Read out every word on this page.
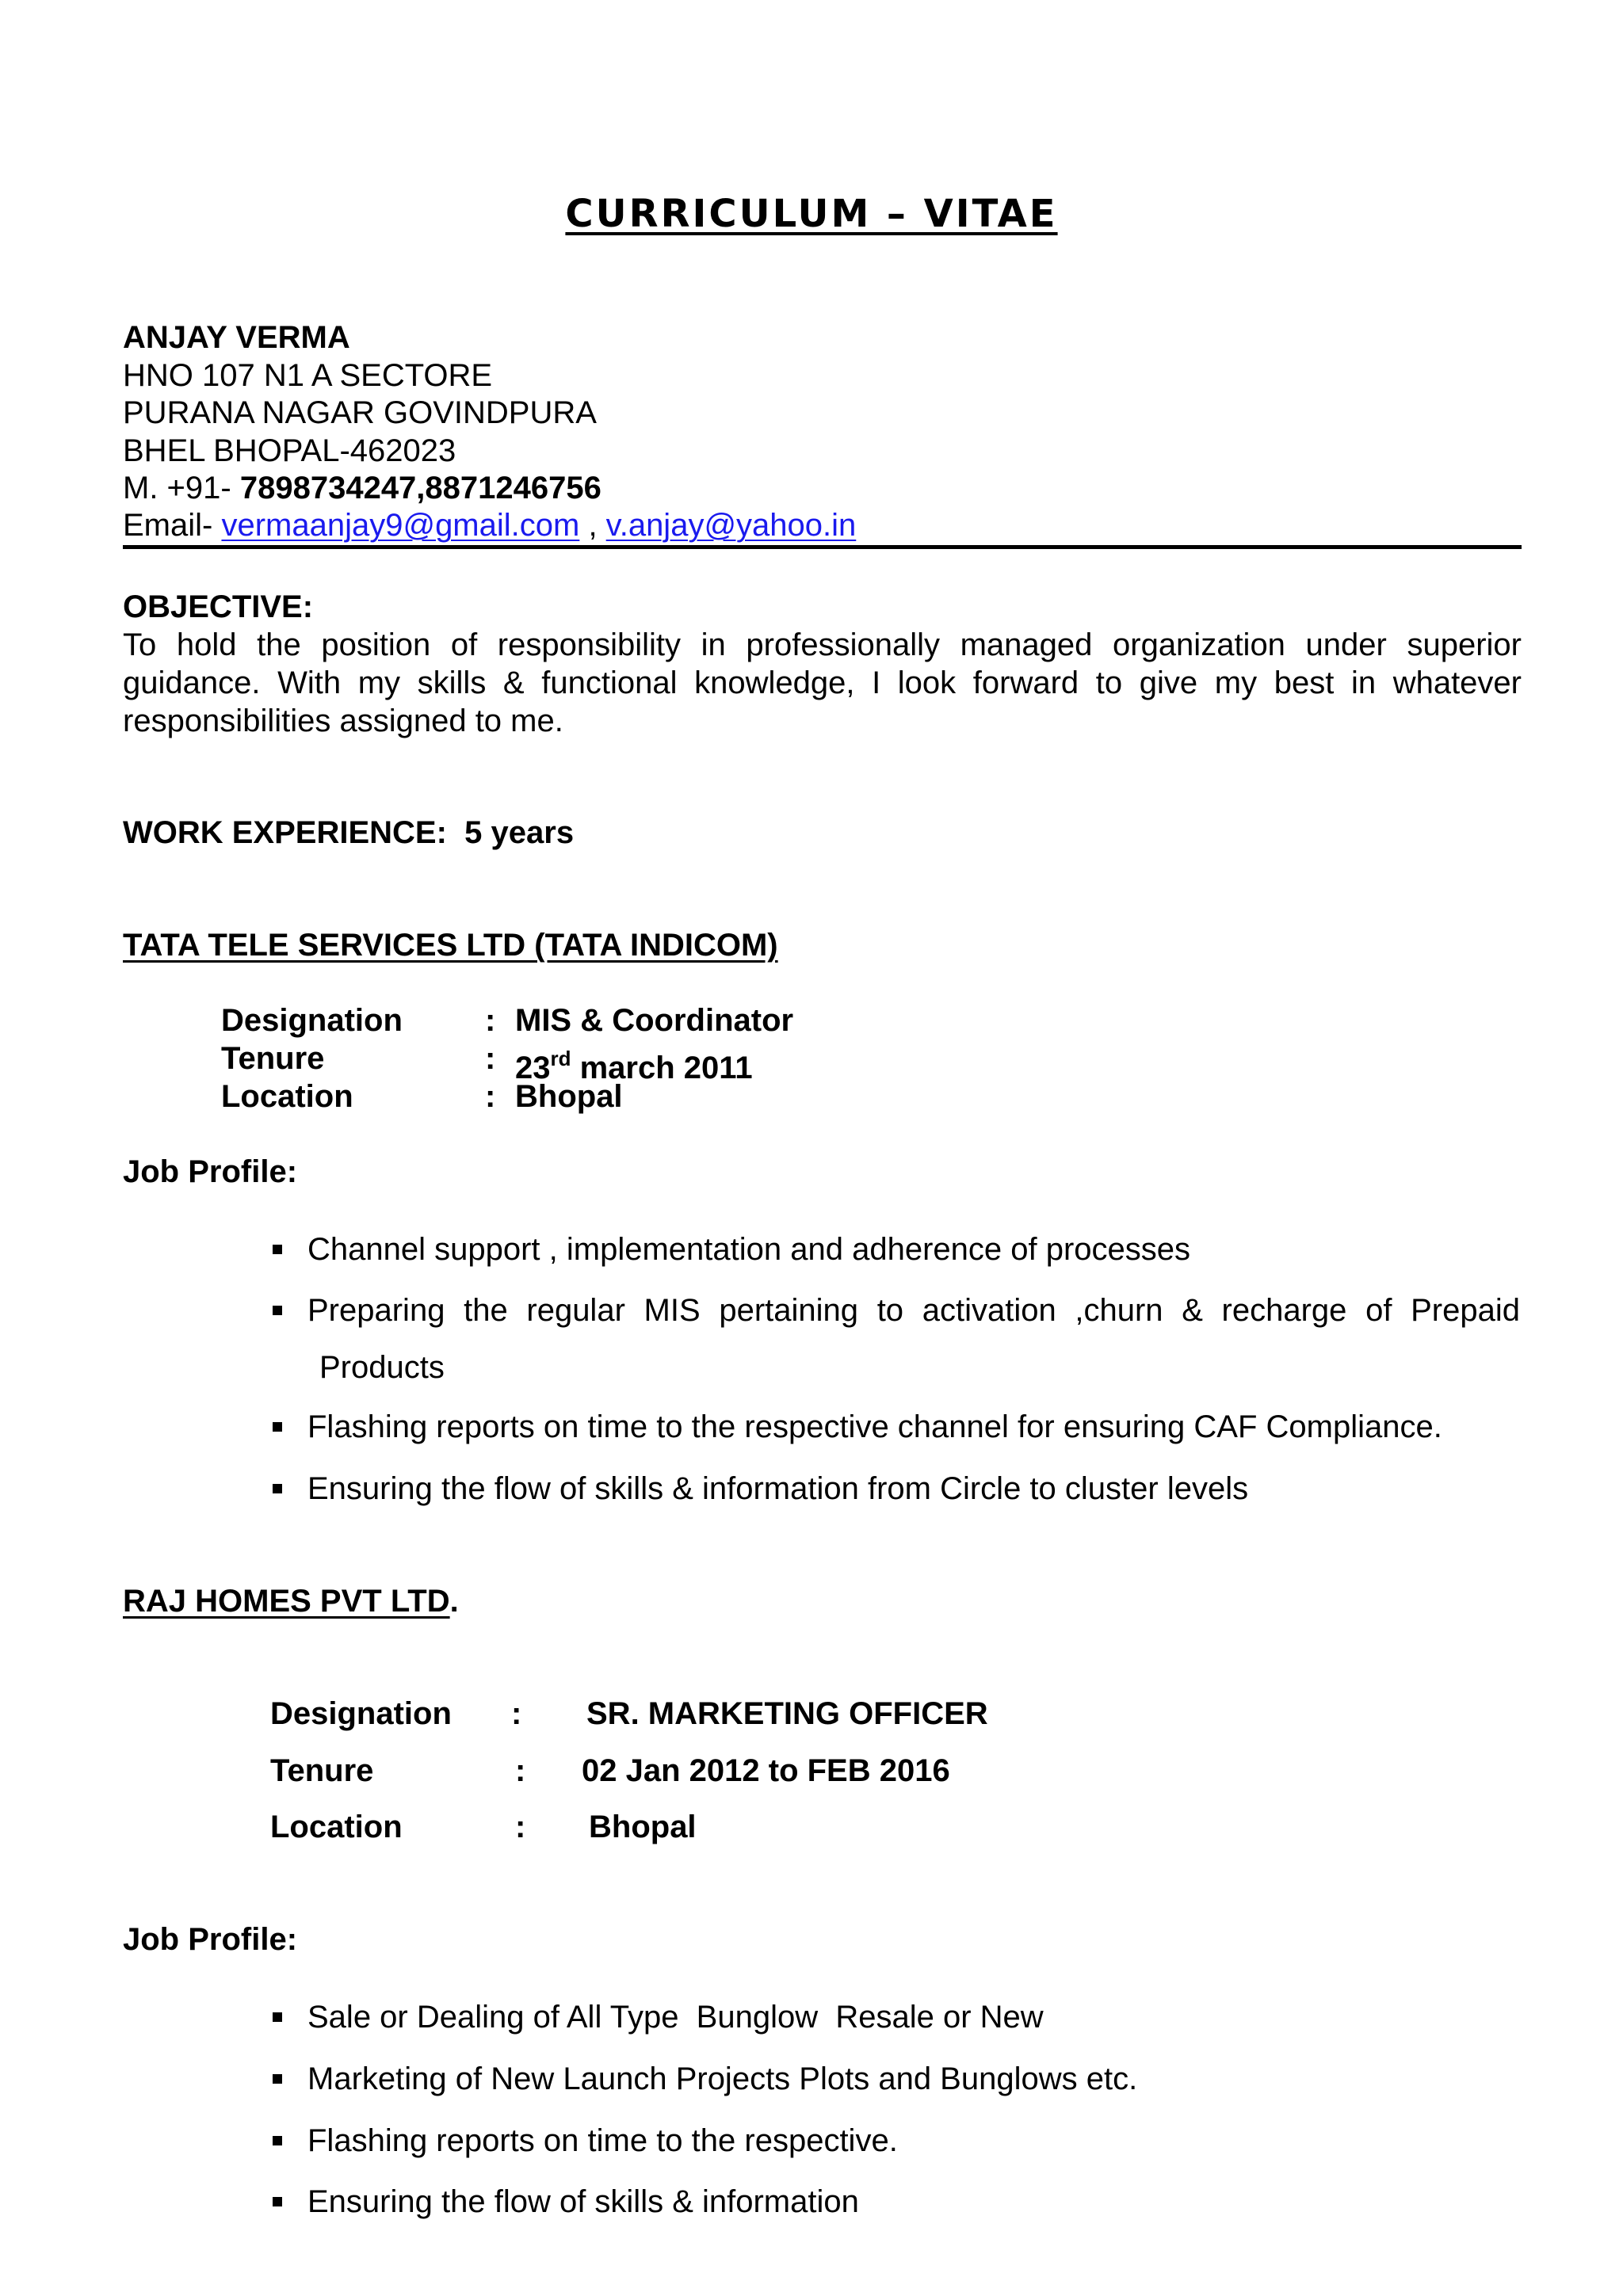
CURRICULUM – VITAE
ANJAY VERMA
HNO 107 N1 A SECTORE
PURANA NAGAR GOVINDPURA
BHEL BHOPAL-462023
M. +91- 7898734247,8871246756
Email- vermaanjay9@gmail.com , v.anjay@yahoo.in
OBJECTIVE:
To hold the position of responsibility in professionally managed organization under superior guidance. With my skills & functional knowledge, I look forward to give my best in whatever responsibilities assigned to me.
WORK EXPERIENCE: 5 years
TATA TELE SERVICES LTD (TATA INDICOM)
Designation	: MIS & Coordinator
Tenure	: 23rd march 2011
Location	: Bhopal
Job Profile:
Channel support , implementation and adherence of processes
Preparing the regular MIS pertaining to activation ,churn & recharge of Prepaid
Products
Flashing reports on time to the respective channel for ensuring CAF Compliance.
Ensuring the flow of skills & information from Circle to cluster levels
RAJ HOMES PVT LTD.
Designation : SR. MARKETING OFFICER
Tenure	: 02 Jan 2012 to FEB 2016
Location	: Bhopal
Job Profile:
Sale or Dealing of All Type  Bunglow  Resale or New
Marketing of New Launch Projects Plots and Bunglows etc.
Flashing reports on time to the respective.
Ensuring the flow of skills & information
